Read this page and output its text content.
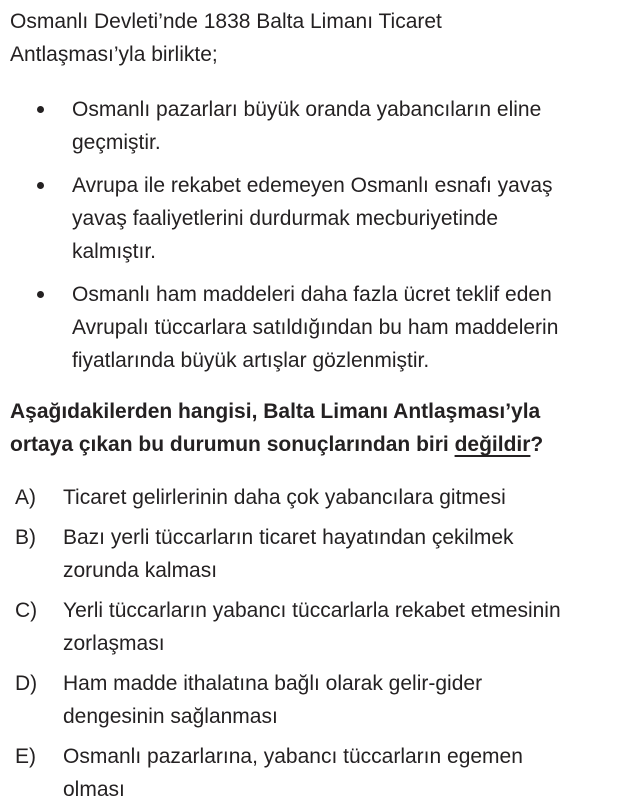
Osmanlı Devleti’nde 1838 Balta Limanı Ticaret
Antlaşması’yla birlikte;

Osmanlı pazarları büyük oranda yabancıların eline
geçmiştir.
Avrupa ile rekabet edemeyen Osmanlı esnafı yavaş
yavaş faaliyetlerini durdurmak mecburiyetinde
kalmıştır.
Osmanlı ham maddeleri daha fazla ücret teklif eden
Avrupalı tüccarlara satıldığından bu ham maddelerin
fiyatlarında büyük artışlar gözlenmiştir.

Aşağıdakilerden hangisi, Balta Limanı Antlaşması’yla
ortaya çıkan bu durumun sonuçlarından biri değildir?

A)	Ticaret gelirlerinin daha çok yabancılara gitmesi
B)	Bazı yerli tüccarların ticaret hayatından çekilmek
zorunda kalması
C)	Yerli tüccarların yabancı tüccarlarla rekabet etmesinin
zorlaşması
D)	Ham madde ithalatına bağlı olarak gelir-gider
dengesinin sağlanması
E)	Osmanlı pazarlarına, yabancı tüccarların egemen
olması
